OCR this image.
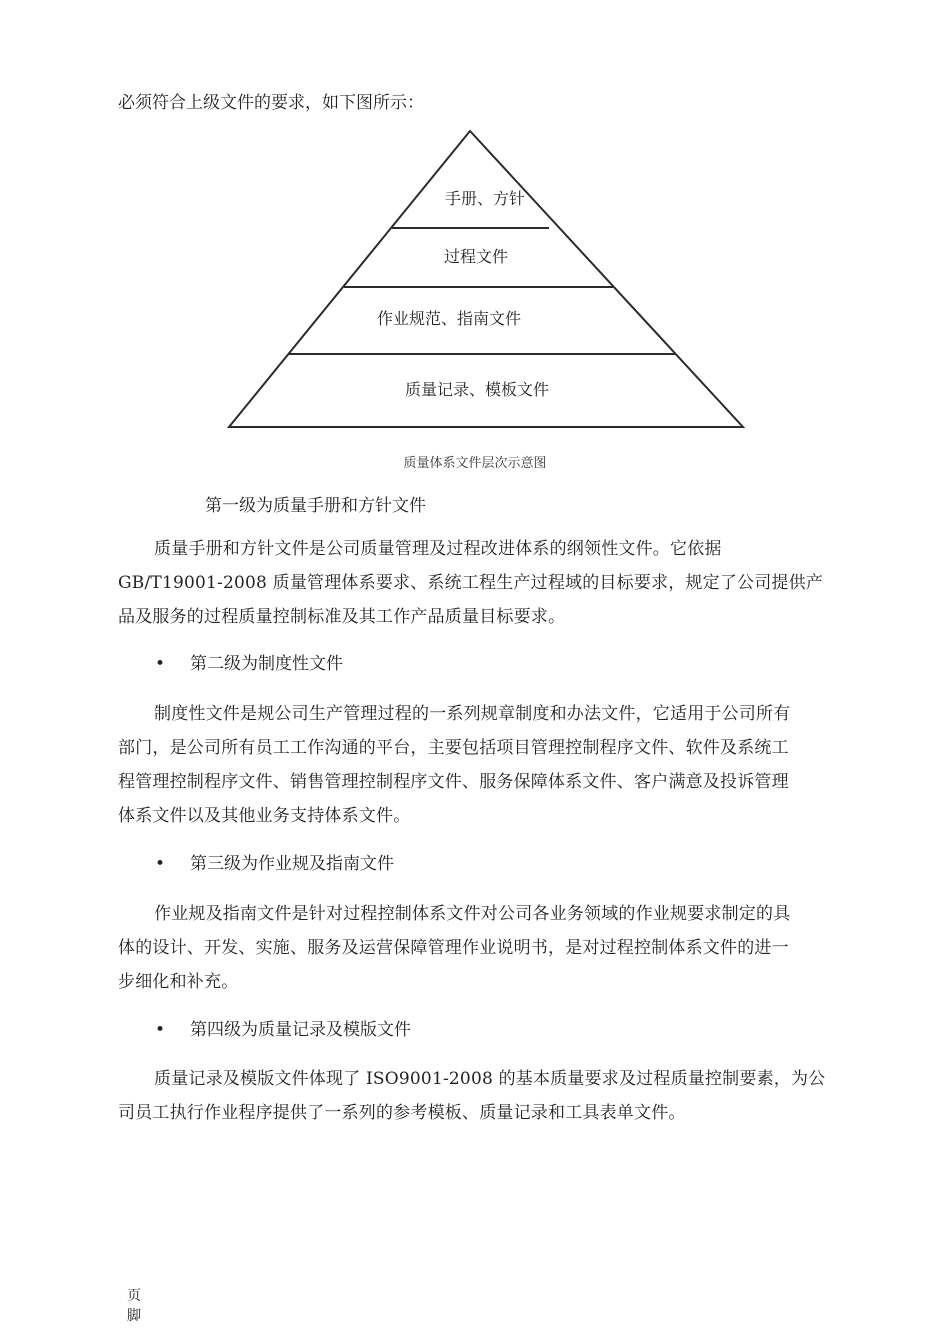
必须符合上级文件的要求，如下图所示：
手册、方针
过程文件
作业规范、指南文件
质量记录、模板文件
质量体系文件层次示意图
第一级为质量手册和方针文件

质量手册和方针文件是公司质量管理及过程改进体系的纲领性文件。它依据

GB/T19001-2008 质量管理体系要求、系统工程生产过程域的目标要求，规定了公司提供产

品及服务的过程质量控制标准及其工作产品质量目标要求。

• 第二级为制度性文件

制度性文件是规公司生产管理过程的一系列规章制度和办法文件，它适用于公司所有

部门，是公司所有员工工作沟通的平台，主要包括项目管理控制程序文件、软件及系统工

程管理控制程序文件、销售管理控制程序文件、服务保障体系文件、客户满意及投诉管理

体系文件以及其他业务支持体系文件。

• 第三级为作业规及指南文件

作业规及指南文件是针对过程控制体系文件对公司各业务领域的作业规要求制定的具

体的设计、开发、实施、服务及运营保障管理作业说明书，是对过程控制体系文件的进一

步细化和补充。

• 第四级为质量记录及模版文件

质量记录及模版文件体现了 ISO9001-2008 的基本质量要求及过程质量控制要素，为公

司员工执行作业程序提供了一系列的参考模板、质量记录和工具表单文件。

页脚
